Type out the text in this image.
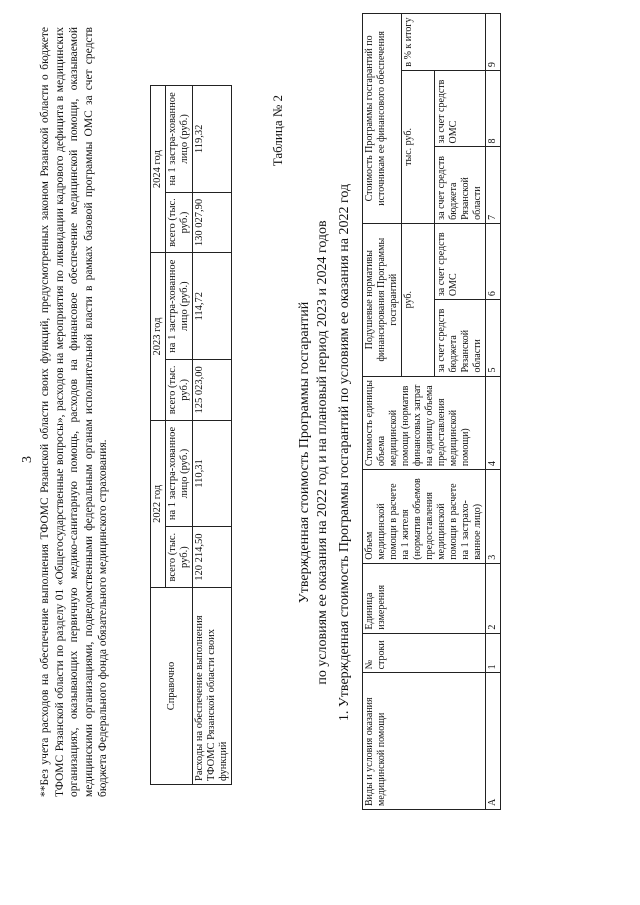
3 **Без учета расходов на обеспечение выполнения ТФОМС Рязанской области своих функций, предусмотренных законом Рязанской области о бюджете ТФОМС Рязанской области по разделу 01 «Общегосударственные вопросы», расходов на мероприятия по ликвидации кадрового дефицита в медицинских организациях, оказывающих первичную медико-санитарную помощь, расходов на финансовое обеспечение медицинской помощи, оказываемой медицинскими организациями, подведомственными федеральным органам исполнительной власти в рамках базовой программы ОМС за счет средств бюджета Федерального фонда обязательного медицинского страхования.	Справочно	2022 год		2023 год		2024 год	
	всего (тыс. руб.)	на 1 застра-хованное лицо (руб.)	всего (тыс. руб.)	на 1 застра-хованное лицо (руб.)	всего (тыс. руб.)	на 1 застра-хованное лицо (руб.)
Расходы на обеспечение выполнения ТФОМС Рязанской области своих функций	120 214,50	110,31	125 023,00	114,72	130 027,90	119,32	Таблица № 2
Утвержденная стоимость Программы госгарантий по условиям ее оказания на 2022 год и на плановый период 2023 и 2024 годов 1. Утвержденная стоимость Программы госгарантий по условиям ее оказания на 2022 год
Виды и условия оказания медицинской помощи	№ строки	Единица измерения	Объем медицинской помощи в расчете на 1 жителя (норматив объемов предоставления медицинской помощи в расчете на 1 застрахо-ванное лицо)	Стоимость единицы объема медицинской помощи (норматив финансовых затрат на единицу объема предоставления медицинской помощи)	Подушевые нормативы финансирования Программы госгарантий		Стоимость Программы госгарантий по источникам ее финансового обеспечения		
					руб.		тыс. руб.		в % к итогу
					за счет средств бюджета Рязанской области	за счет средств ОМС	за счет средств бюджета Рязанской области	за счет средств ОМС	
А	1	2	3	4	5	6	7	8	9
